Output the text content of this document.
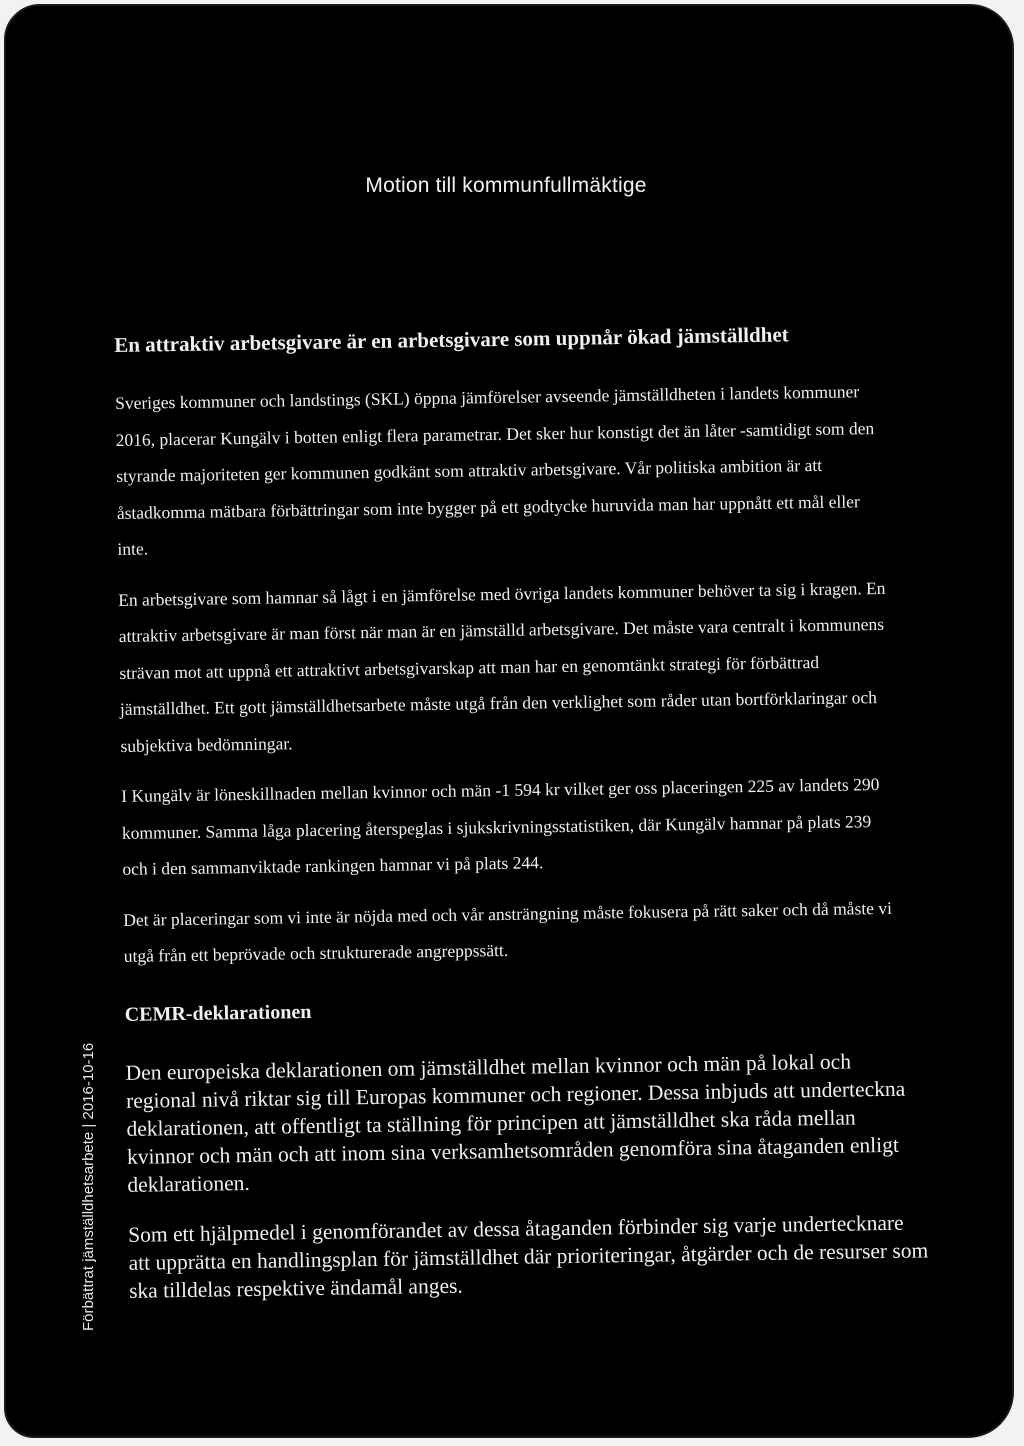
Motion till kommunfullmäktige
En attraktiv arbetsgivare är en arbetsgivare som uppnår ökad jämställdhet

Sveriges kommuner och landstings (SKL) öppna jämförelser avseende jämställdheten i landets kommuner 2016, placerar Kungälv i botten enligt flera parametrar. Det sker hur konstigt det än låter -samtidigt som den styrande majoriteten ger kommunen godkänt som attraktiv arbetsgivare. Vår politiska ambition är att åstadkomma mätbara förbättringar som inte bygger på ett godtycke huruvida man har uppnått ett mål eller inte.

En arbetsgivare som hamnar så lågt i en jämförelse med övriga landets kommuner behöver ta sig i kragen. En attraktiv arbetsgivare är man först när man är en jämställd arbetsgivare. Det måste vara centralt i kommunens strävan mot att uppnå ett attraktivt arbetsgivarskap att man har en genomtänkt strategi för förbättrad jämställdhet. Ett gott jämställdhetsarbete måste utgå från den verklighet som råder utan bortförklaringar och subjektiva bedömningar.

I Kungälv är löneskillnaden mellan kvinnor och män -1 594 kr vilket ger oss placeringen 225 av landets 290 kommuner. Samma låga placering återspeglas i sjukskrivningsstatistiken, där Kungälv hamnar på plats 239 och i den sammanviktade rankingen hamnar vi på plats 244.

Det är placeringar som vi inte är nöjda med och vår ansträngning måste fokusera på rätt saker och då måste vi utgå från ett beprövade och strukturerade angreppssätt.

CEMR-deklarationen

Den europeiska deklarationen om jämställdhet mellan kvinnor och män på lokal och regional nivå riktar sig till Europas kommuner och regioner. Dessa inbjuds att underteckna deklarationen, att offentligt ta ställning för principen att jämställdhet ska råda mellan kvinnor och män och att inom sina verksamhetsområden genomföra sina åtaganden enligt deklarationen.

Som ett hjälpmedel i genomförandet av dessa åtaganden förbinder sig varje undertecknare att upprätta en handlingsplan för jämställdhet där prioriteringar, åtgärder och de resurser som ska tilldelas respektive ändamål anges.

Förbättrat jämställdhetsarbete | 2016-10-16
